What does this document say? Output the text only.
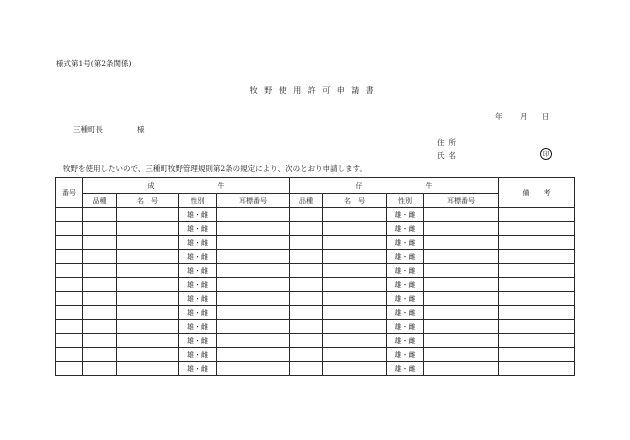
様式第1号(第2条関係)
牧野使用許可申請書
年 月 日
三種町長	様
住所
氏名	印
牧野を使用したいので、三種町牧野管理規則第2条の規定により、次のとおり申請します。
番号	成　　　　　　　　　牛				仔　　　　　　　　　牛				備　　考
	品種	名　号	性別	耳標番号	品種	名　号	性別	耳標番号	
			雄・雌				雄・雌		
			雄・雌				雄・雌		
			雄・雌				雄・雌		
			雄・雌				雄・雌		
			雄・雌				雄・雌		
			雄・雌				雄・雌		
			雄・雌				雄・雌		
			雄・雌				雄・雌		
			雄・雌				雄・雌		
			雄・雌				雄・雌		
			雄・雌				雄・雌		
			雄・雌				雄・雌		
